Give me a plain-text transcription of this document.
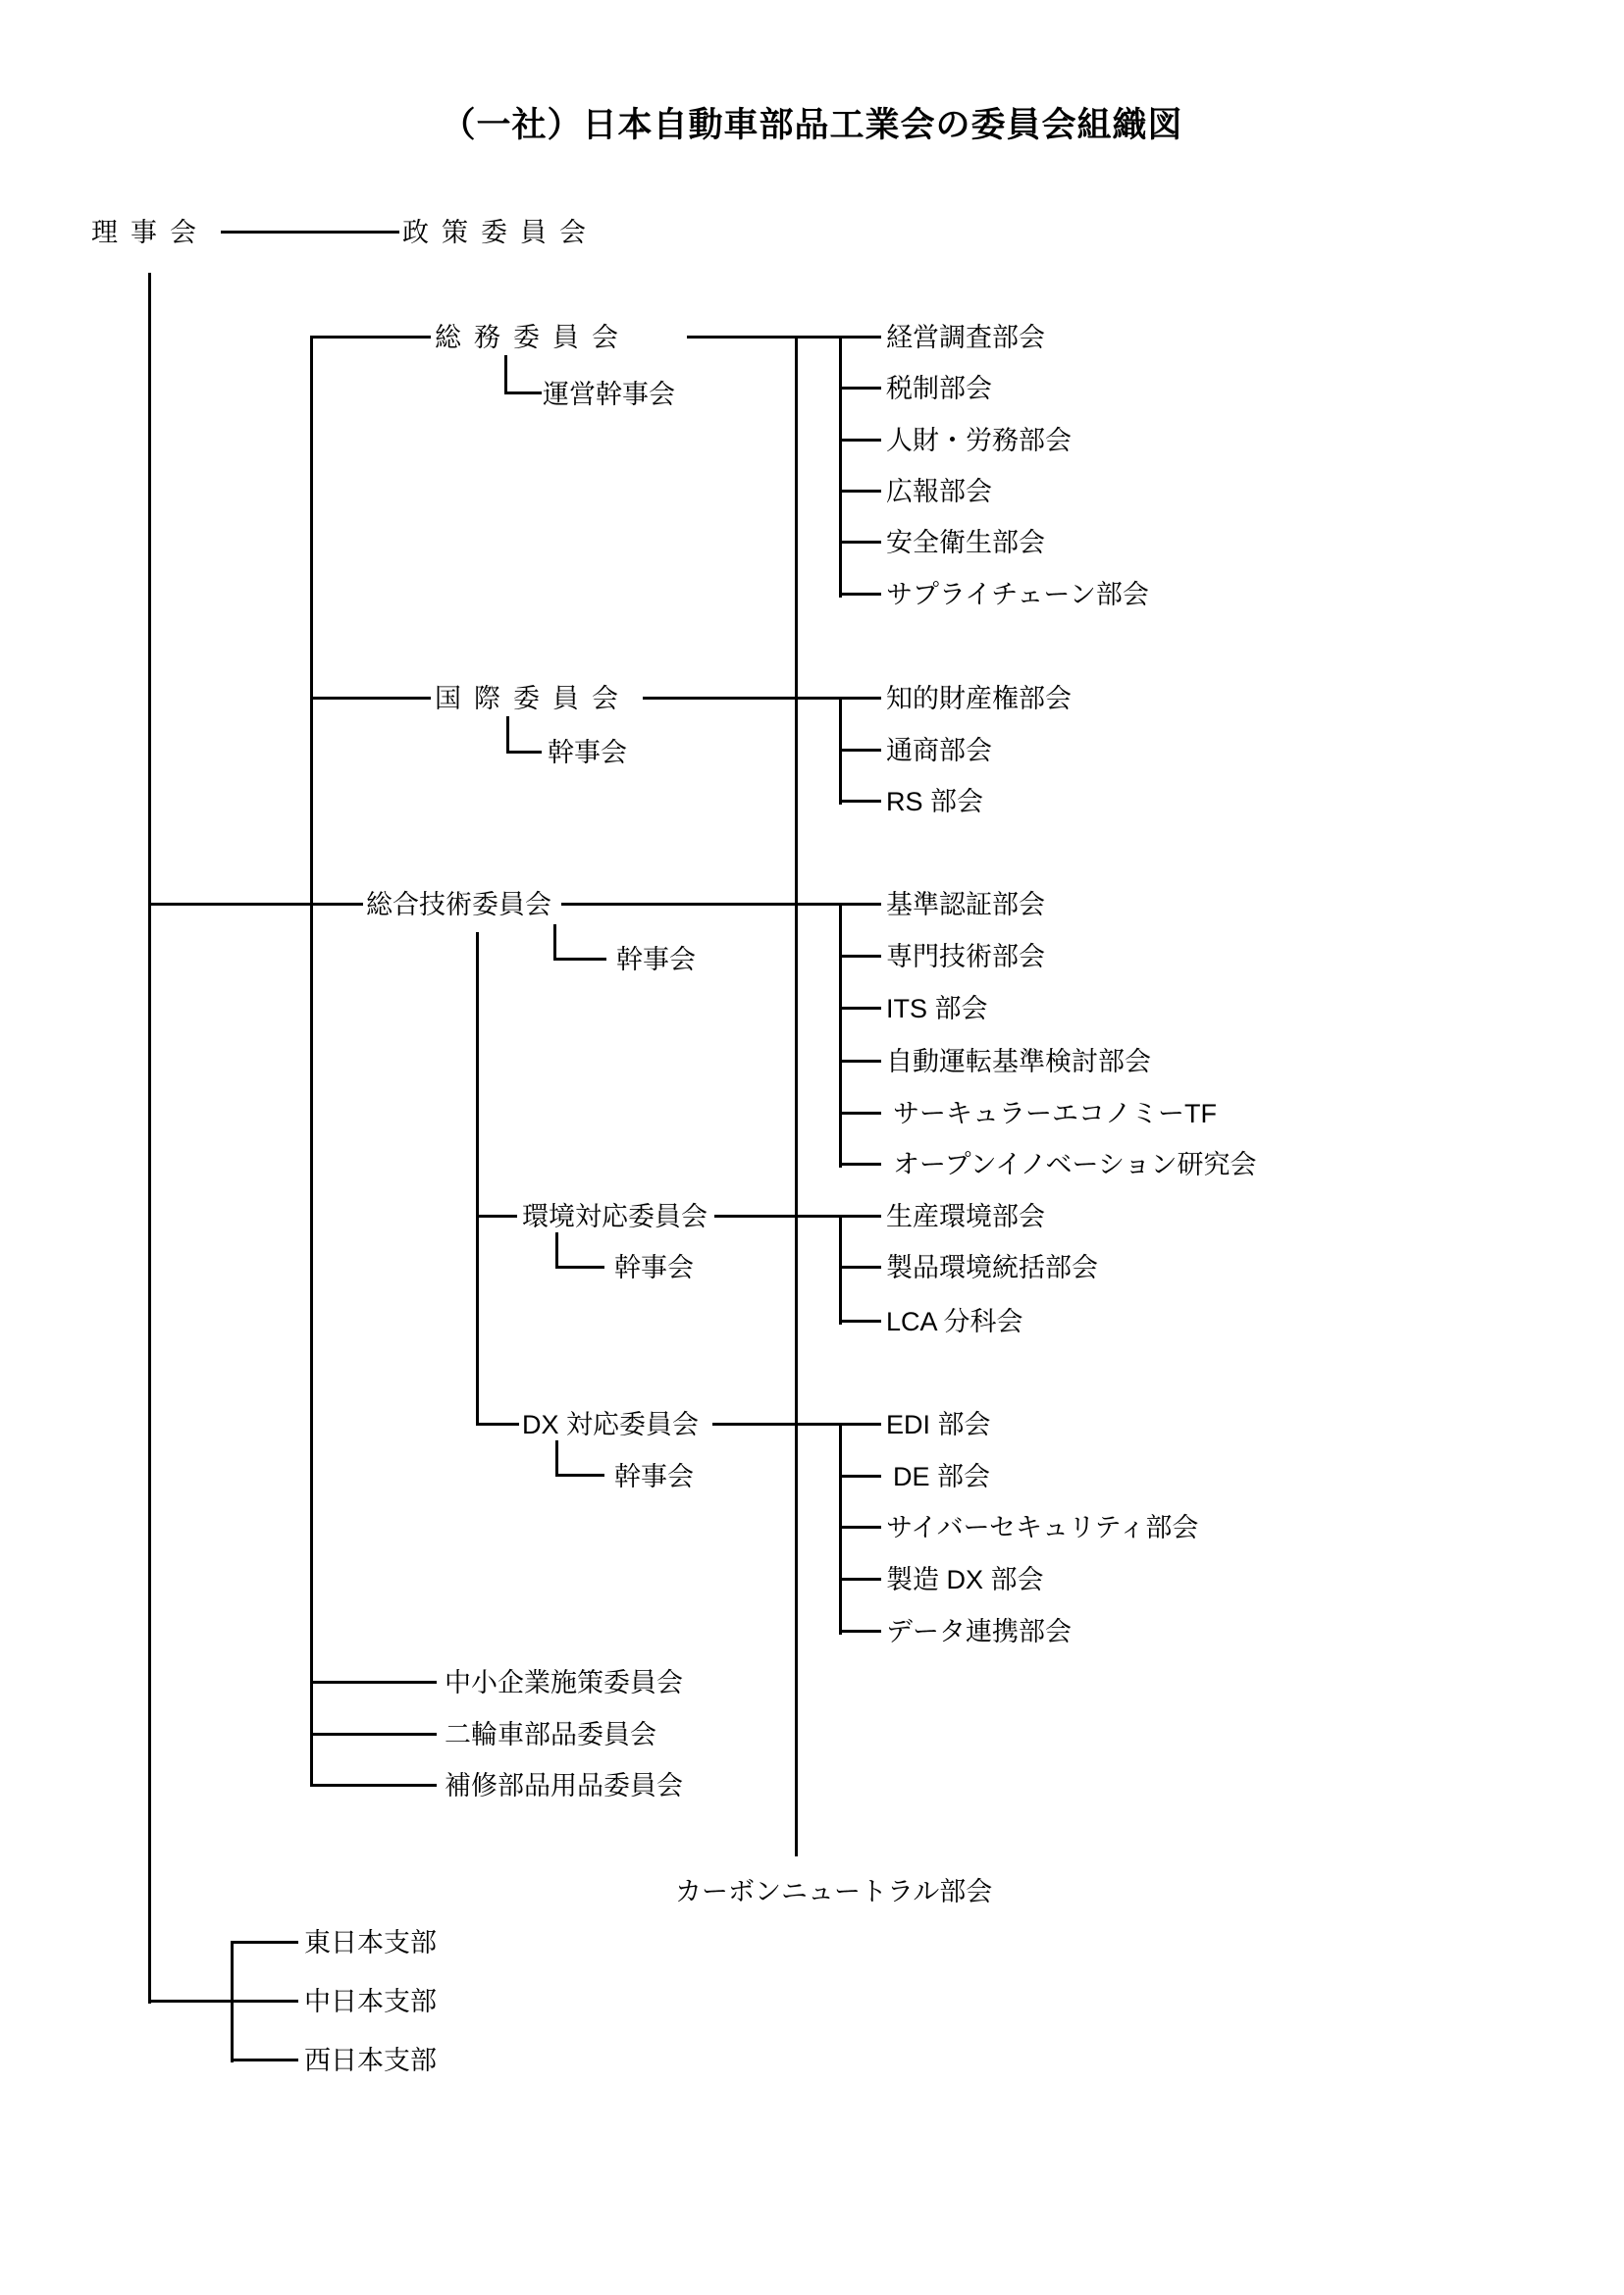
（一社）日本自動車部品工業会の委員会組織図
理事会	政策委員会
総務委員会
運営幹事会
経営調査部会
税制部会
人財・労務部会
広報部会
安全衛生部会
サプライチェーン部会
国際委員会
幹事会
知的財産権部会
通商部会
RS 部会
総合技術委員会
幹事会
基準認証部会
専門技術部会
ITS 部会
自動運転基準検討部会
サーキュラーエコノミーTF
オープンイノベーション研究会
環境対応委員会
幹事会
生産環境部会
製品環境統括部会
LCA 分科会
DX 対応委員会
幹事会
EDI 部会
DE 部会
サイバーセキュリティ部会
製造 DX 部会
データ連携部会
中小企業施策委員会
二輪車部品委員会
補修部品用品委員会
カーボンニュートラル部会
東日本支部
中日本支部
西日本支部
